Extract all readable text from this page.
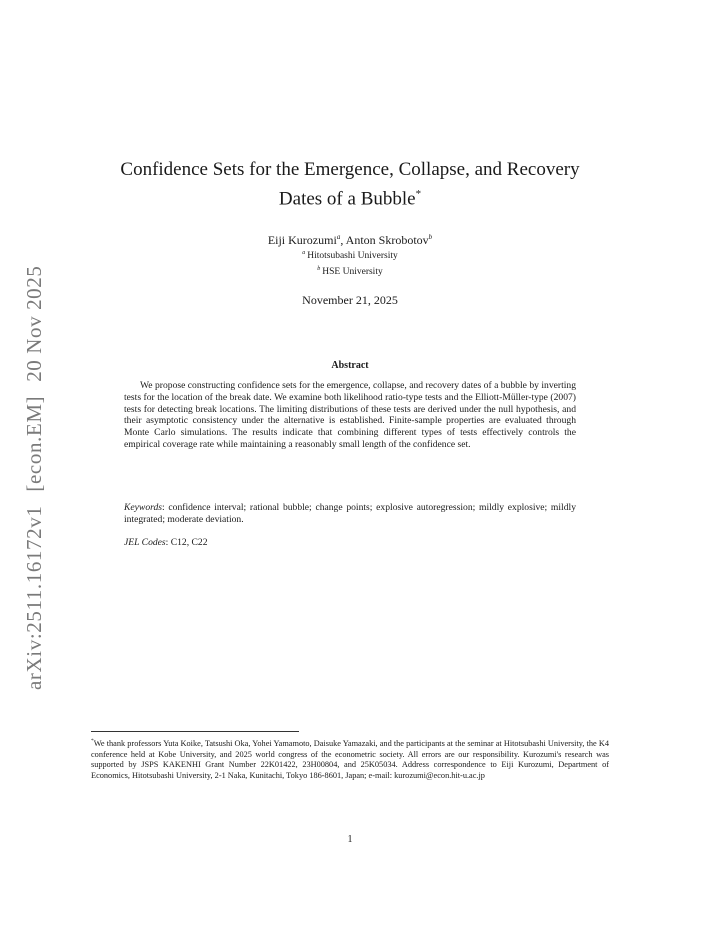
arXiv:2511.16172v1[econ.EM]20 Nov 2025
Confidence Sets for the Emergence, Collapse, and Recovery
Dates of a Bubble*
Eiji Kurozumi$^a$, Anton Skrobotov$^b$
$^a$ Hitotsubashi University
$^b$ HSE University
November 21, 2025
Abstract

We propose constructing confidence sets for the emergence, collapse, and recovery dates of a bubble by inverting tests for the location of the break date. We examine both likelihood ratio-type tests and the Elliott-Müller-type (2007) tests for detecting break locations. The limiting distributions of these tests are derived under the null hypothesis, and their asymptotic consistency under the alternative is established. Finite-sample properties are evaluated through Monte Carlo simulations. The results indicate that combining different types of tests effectively controls the empirical coverage rate while maintaining a reasonably small length of the confidence set.

Keywords: confidence interval; rational bubble; change points; explosive autoregression; mildly explosive; mildly integrated; moderate deviation.

JEL Codes: C12, C22

*We thank professors Yuta Koike, Tatsushi Oka, Yohei Yamamoto, Daisuke Yamazaki, and the participants at the seminar at Hitotsubashi University, the K4 conference held at Kobe University, and 2025 world congress of the econometric society. All errors are our responsibility. Kurozumi's research was supported by JSPS KAKENHI Grant Number 22K01422, 23H00804, and 25K05034. Address correspondence to Eiji Kurozumi, Department of Economics, Hitotsubashi University, 2-1 Naka, Kunitachi, Tokyo 186-8601, Japan; e-mail: kurozumi@econ.hit-u.ac.jp

1
